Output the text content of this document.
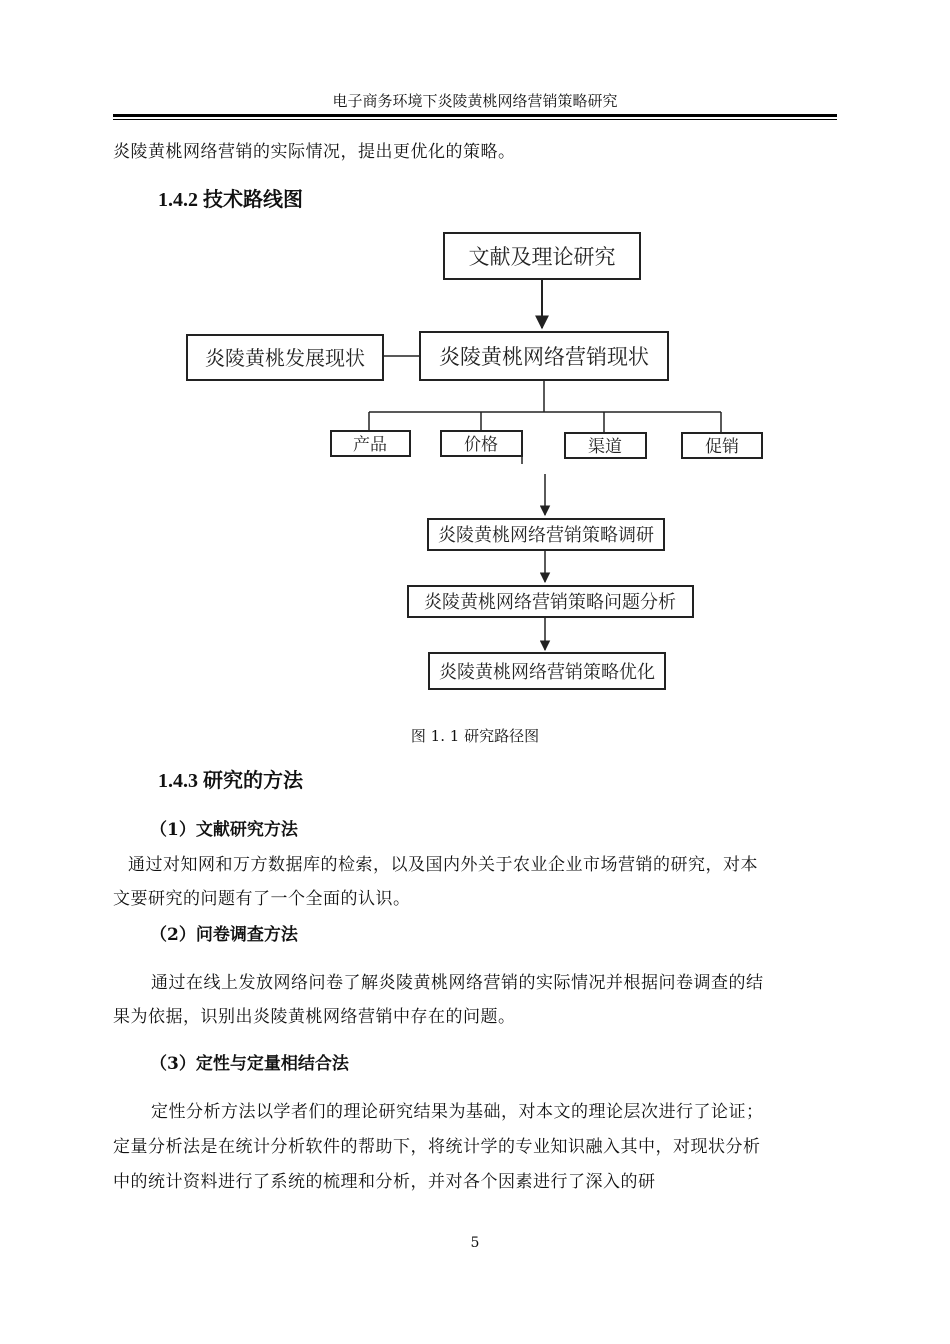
电子商务环境下炎陵黄桃网络营销策略研究
炎陵黄桃网络营销的实际情况，提出更优化的策略。
1.4.2 技术路线图
文献及理论研究
炎陵黄桃发展现状	炎陵黄桃网络营销现状
产品	价格	渠道	促销
炎陵黄桃网络营销策略调研
炎陵黄桃网络营销策略问题分析
炎陵黄桃网络营销策略优化
图 1. 1 研究路径图
1.4.3 研究的方法
（1）文献研究方法
通过对知网和万方数据库的检索，以及国内外关于农业企业市场营销的研究，对本
文要研究的问题有了一个全面的认识。
（2）问卷调查方法
通过在线上发放网络问卷了解炎陵黄桃网络营销的实际情况并根据问卷调查的结
果为依据，识别出炎陵黄桃网络营销中存在的问题。
（3）定性与定量相结合法
定性分析方法以学者们的理论研究结果为基础，对本文的理论层次进行了论证；
定量分析法是在统计分析软件的帮助下，将统计学的专业知识融入其中，对现状分析
中的统计资料进行了系统的梳理和分析，并对各个因素进行了深入的研
5
